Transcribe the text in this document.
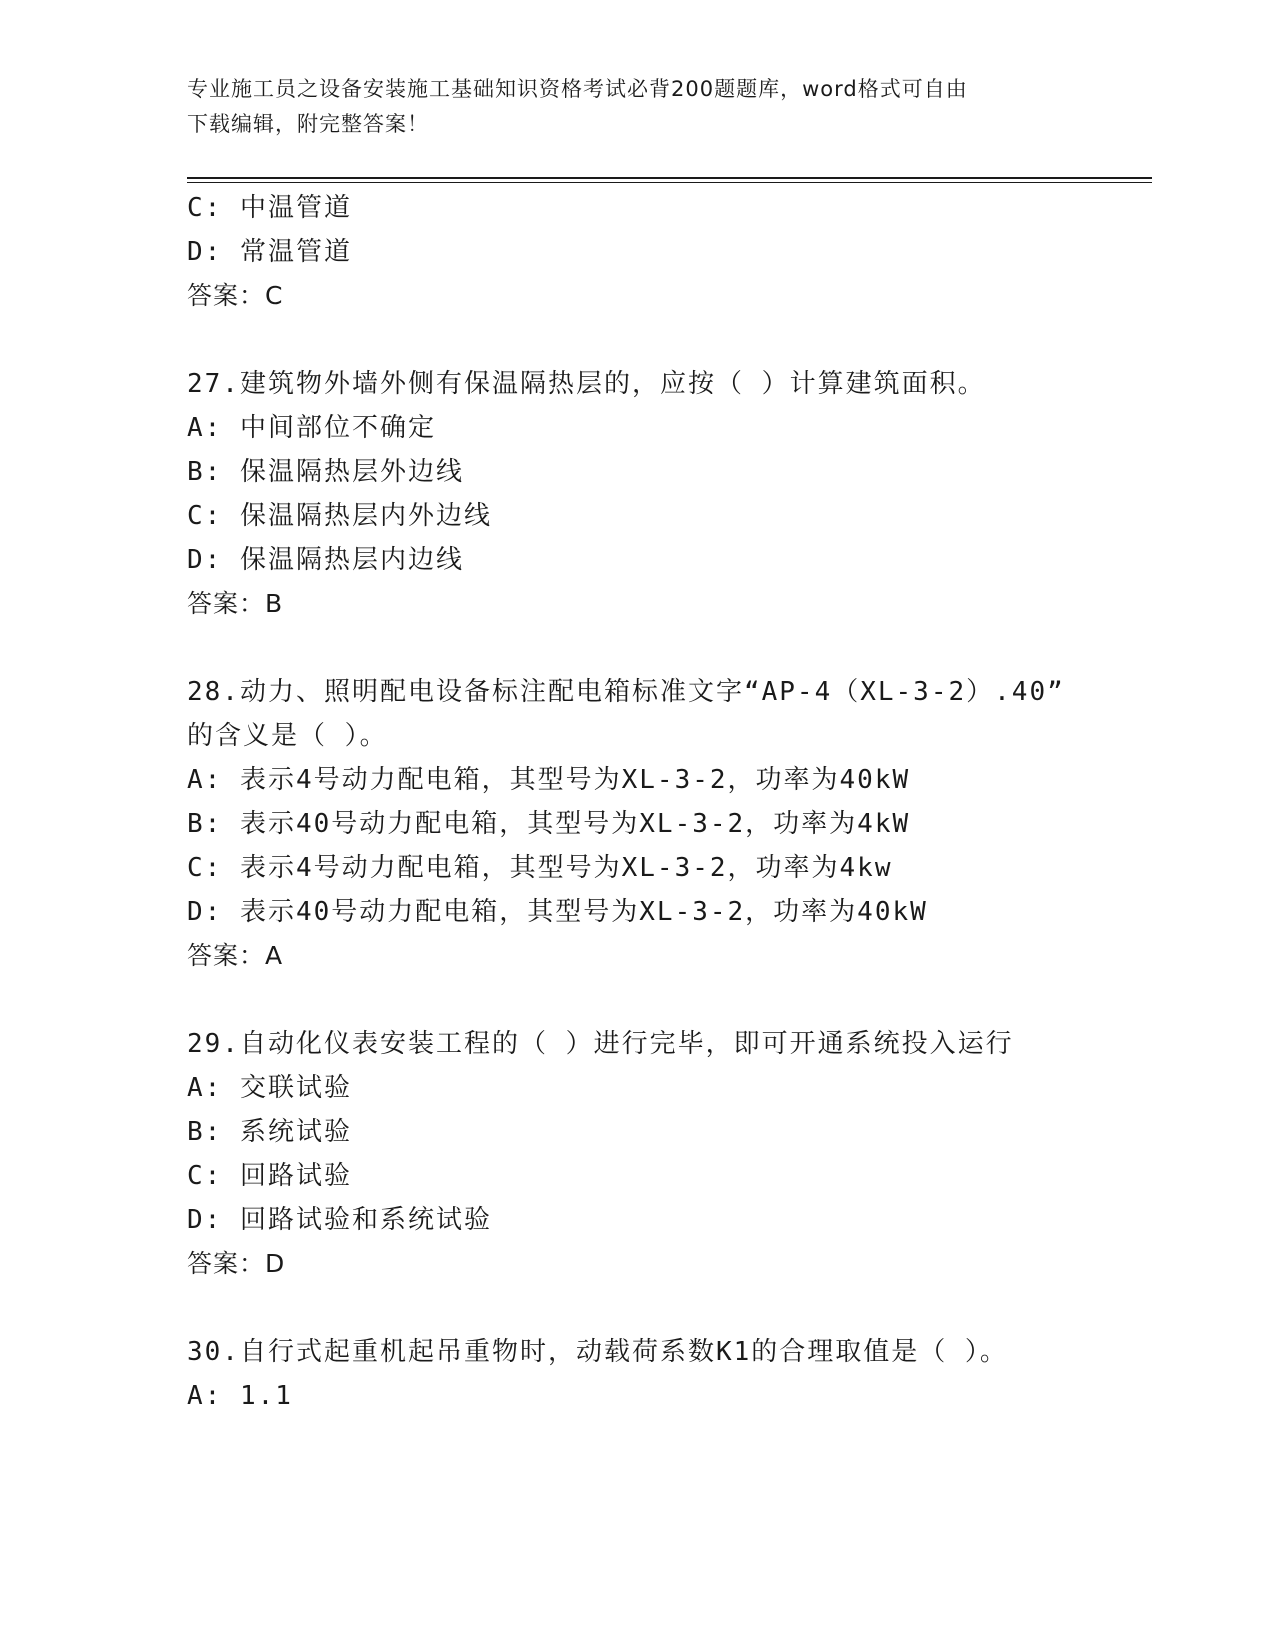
专业施工员之设备安装施工基础知识资格考试必背200题题库，word格式可自由
下载编辑，附完整答案！
C: 中温管道
D: 常温管道
答案：C
27.建筑物外墙外侧有保温隔热层的，应按（ ）计算建筑面积。
A: 中间部位不确定
B: 保温隔热层外边线
C: 保温隔热层内外边线
D: 保温隔热层内边线
答案：B
28.动力、照明配电设备标注配电箱标准文字“AP-4（XL-3-2）.40”
的含义是（ ）。
A: 表示4号动力配电箱，其型号为XL-3-2，功率为40kW
B: 表示40号动力配电箱，其型号为XL-3-2，功率为4kW
C: 表示4号动力配电箱，其型号为XL-3-2，功率为4kw
D: 表示40号动力配电箱，其型号为XL-3-2，功率为40kW
答案：A
29.自动化仪表安装工程的（ ）进行完毕，即可开通系统投入运行
A: 交联试验
B: 系统试验
C: 回路试验
D: 回路试验和系统试验
答案：D
30.自行式起重机起吊重物时，动载荷系数K1的合理取值是（ ）。
A: 1.1
